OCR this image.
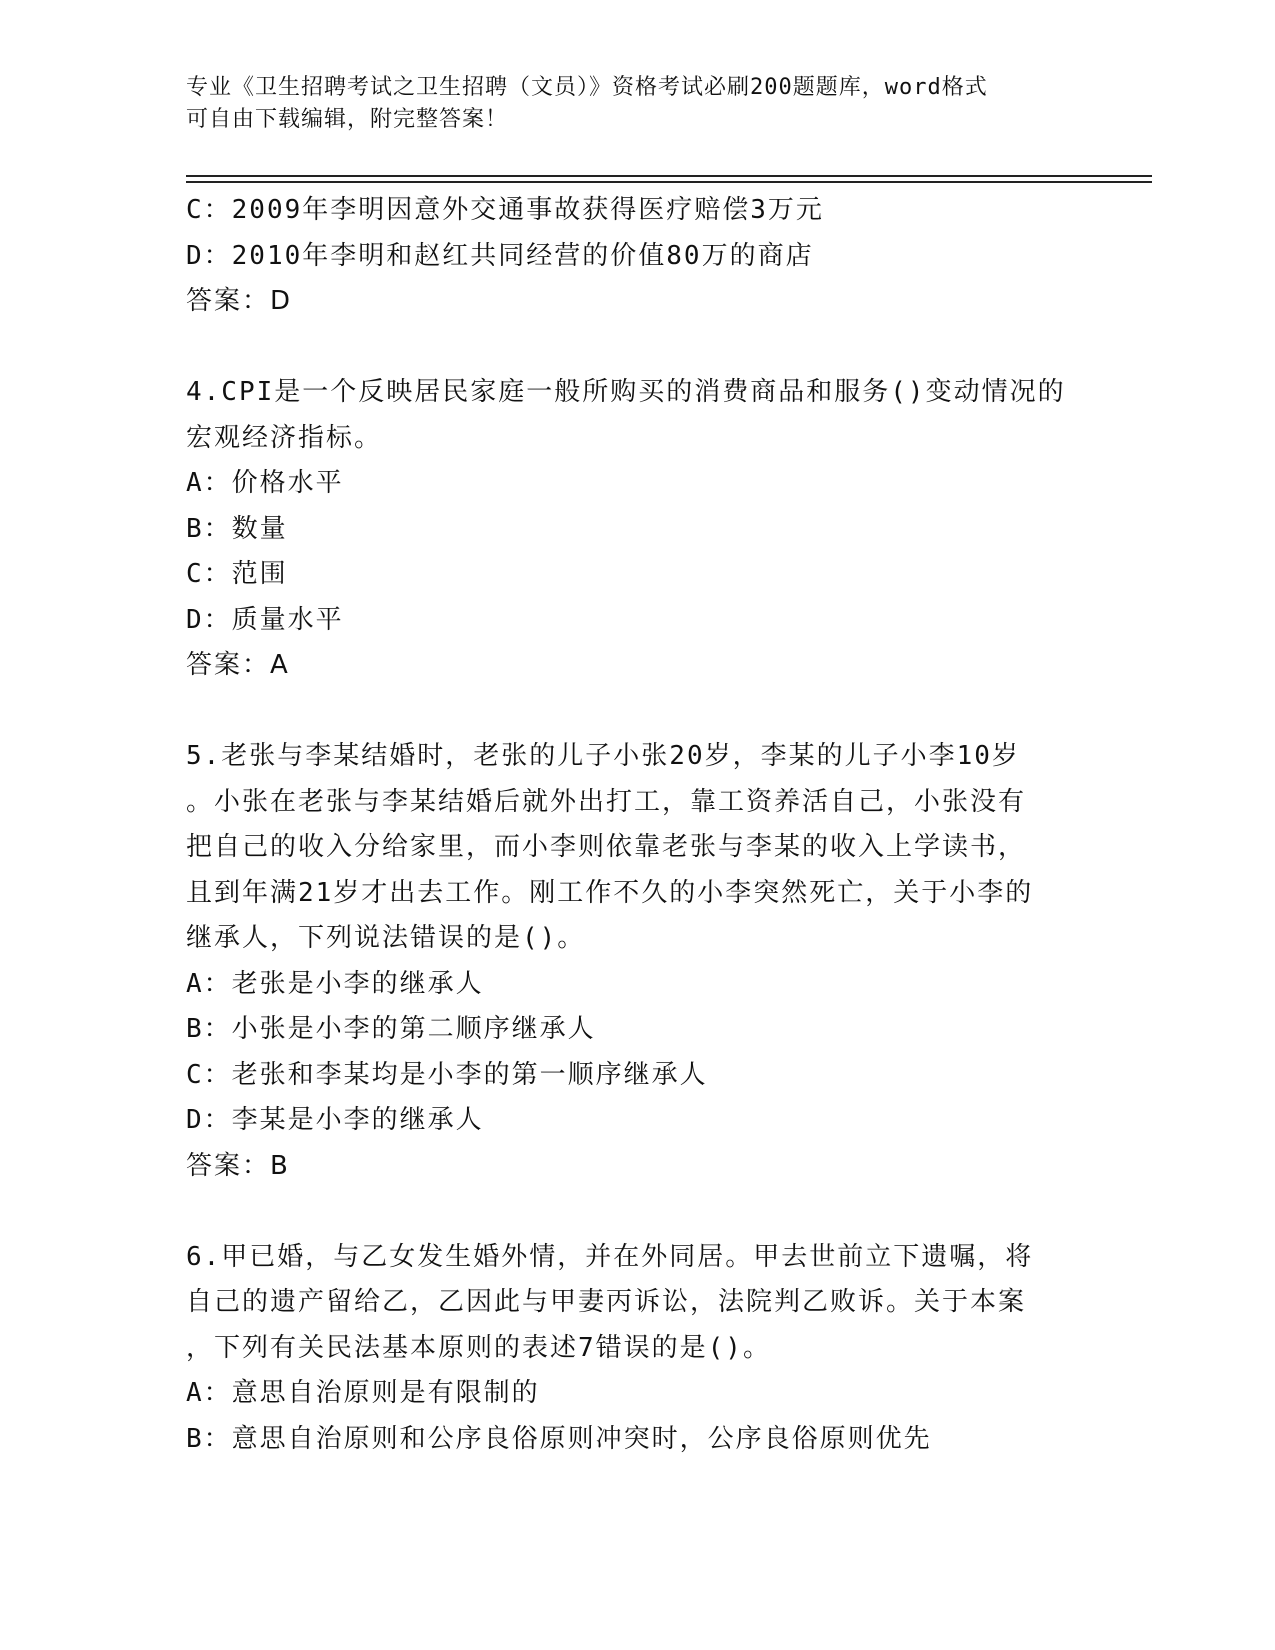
专业《卫生招聘考试之卫生招聘（文员）》资格考试必刷200题题库，word格式

可自由下载编辑，附完整答案！

C：2009年李明因意外交通事故获得医疗赔偿3万元

D：2010年李明和赵红共同经营的价值80万的商店

答案：D

4.CPI是一个反映居民家庭一般所购买的消费商品和服务()变动情况的

宏观经济指标。

A：价格水平

B：数量

C：范围

D：质量水平

答案：A

5.老张与李某结婚时，老张的儿子小张20岁，李某的儿子小李10岁

。小张在老张与李某结婚后就外出打工，靠工资养活自己，小张没有

把自己的收入分给家里，而小李则依靠老张与李某的收入上学读书，

且到年满21岁才出去工作。刚工作不久的小李突然死亡，关于小李的

继承人，下列说法错误的是()。

A：老张是小李的继承人

B：小张是小李的第二顺序继承人

C：老张和李某均是小李的第一顺序继承人

D：李某是小李的继承人

答案：B

6.甲已婚，与乙女发生婚外情，并在外同居。甲去世前立下遗嘱，将

自己的遗产留给乙，乙因此与甲妻丙诉讼，法院判乙败诉。关于本案

，下列有关民法基本原则的表述7错误的是()。

A：意思自治原则是有限制的

B：意思自治原则和公序良俗原则冲突时，公序良俗原则优先
